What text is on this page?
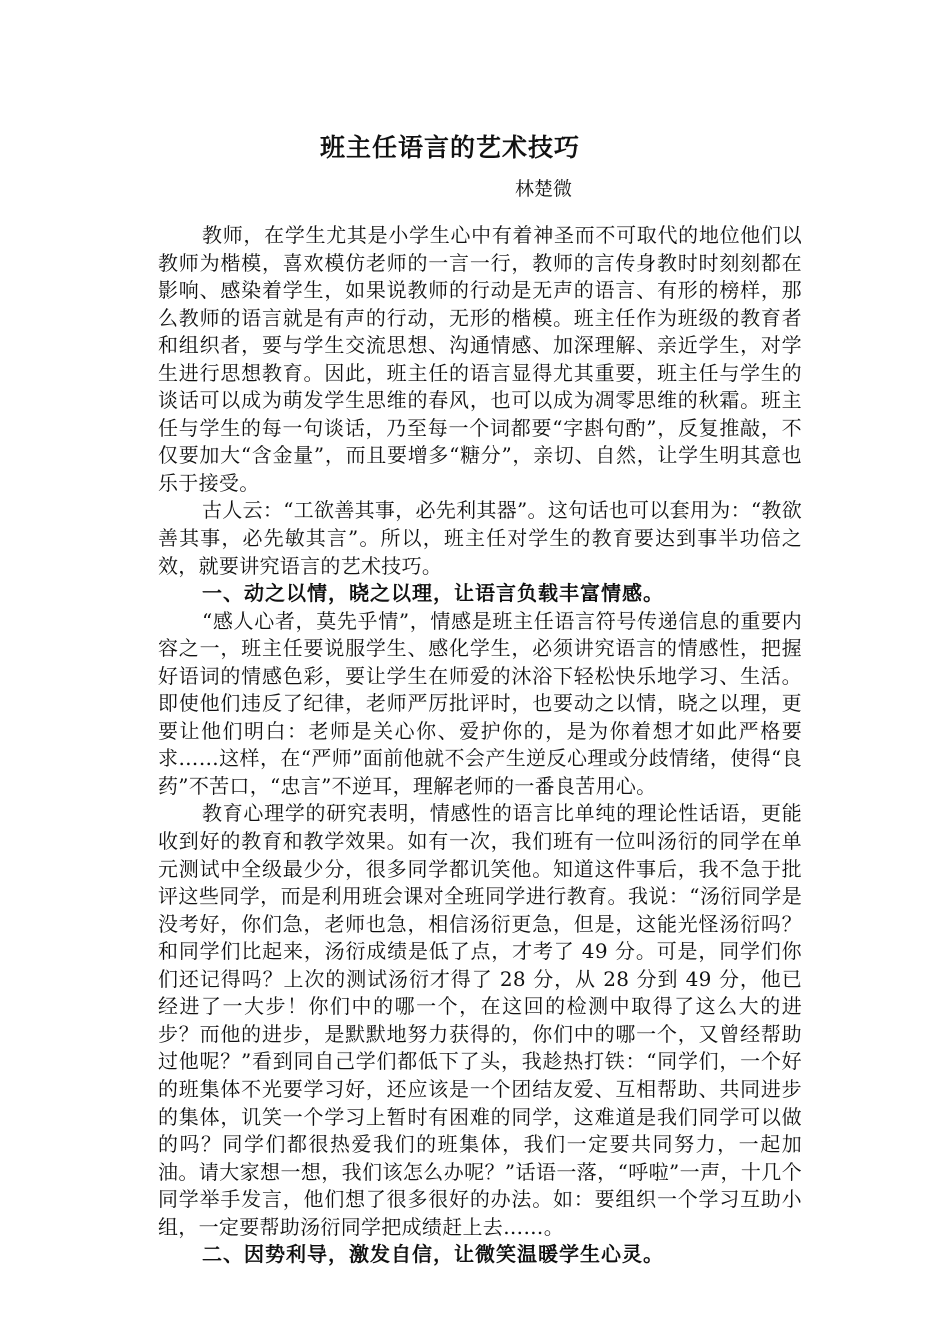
班主任语言的艺术技巧

林楚微

教师，在学生尤其是小学生心中有着神圣而不可取代的地位他们以教师为楷模，喜欢模仿老师的一言一行，教师的言传身教时时刻刻都在影响、感染着学生，如果说教师的行动是无声的语言、有形的榜样，那么教师的语言就是有声的行动，无形的楷模。班主任作为班级的教育者和组织者，要与学生交流思想、沟通情感、加深理解、亲近学生，对学生进行思想教育。因此，班主任的语言显得尤其重要，班主任与学生的谈话可以成为萌发学生思维的春风，也可以成为凋零思维的秋霜。班主任与学生的每一句谈话，乃至每一个词都要“字斟句酌”，反复推敲，不仅要加大“含金量”，而且要增多“糖分”，亲切、自然，让学生明其意也乐于接受。

古人云：“工欲善其事，必先利其器”。这句话也可以套用为：“教欲善其事，必先敏其言”。所以，班主任对学生的教育要达到事半功倍之效，就要讲究语言的艺术技巧。

一、动之以情，晓之以理，让语言负载丰富情感。

“感人心者，莫先乎情”，情感是班主任语言符号传递信息的重要内容之一，班主任要说服学生、感化学生，必须讲究语言的情感性，把握好语词的情感色彩，要让学生在师爱的沐浴下轻松快乐地学习、生活。即使他们违反了纪律，老师严厉批评时，也要动之以情，晓之以理，更要让他们明白：老师是关心你、爱护你的，是为你着想才如此严格要求……这样，在“严师”面前他就不会产生逆反心理或分歧情绪，使得“良药”不苦口，“忠言”不逆耳，理解老师的一番良苦用心。

教育心理学的研究表明，情感性的语言比单纯的理论性话语，更能收到好的教育和教学效果。如有一次，我们班有一位叫汤衍的同学在单元测试中全级最少分，很多同学都讥笑他。知道这件事后，我不急于批评这些同学，而是利用班会课对全班同学进行教育。我说：“汤衍同学是没考好，你们急，老师也急，相信汤衍更急，但是，这能光怪汤衍吗？和同学们比起来，汤衍成绩是低了点，才考了 49 分。可是，同学们你们还记得吗？上次的测试汤衍才得了 28 分，从 28 分到 49 分，他已经进了一大步！你们中的哪一个，在这回的检测中取得了这么大的进步？而他的进步，是默默地努力获得的，你们中的哪一个，又曾经帮助过他呢？”看到同自己学们都低下了头，我趁热打铁：“同学们，一个好的班集体不光要学习好，还应该是一个团结友爱、互相帮助、共同进步的集体，讥笑一个学习上暂时有困难的同学，这难道是我们同学可以做的吗？同学们都很热爱我们的班集体，我们一定要共同努力，一起加油。请大家想一想，我们该怎么办呢？”话语一落，“呼啦”一声，十几个同学举手发言，他们想了很多很好的办法。如：要组织一个学习互助小组，一定要帮助汤衍同学把成绩赶上去……。

二、因势利导，激发自信，让微笑温暖学生心灵。
